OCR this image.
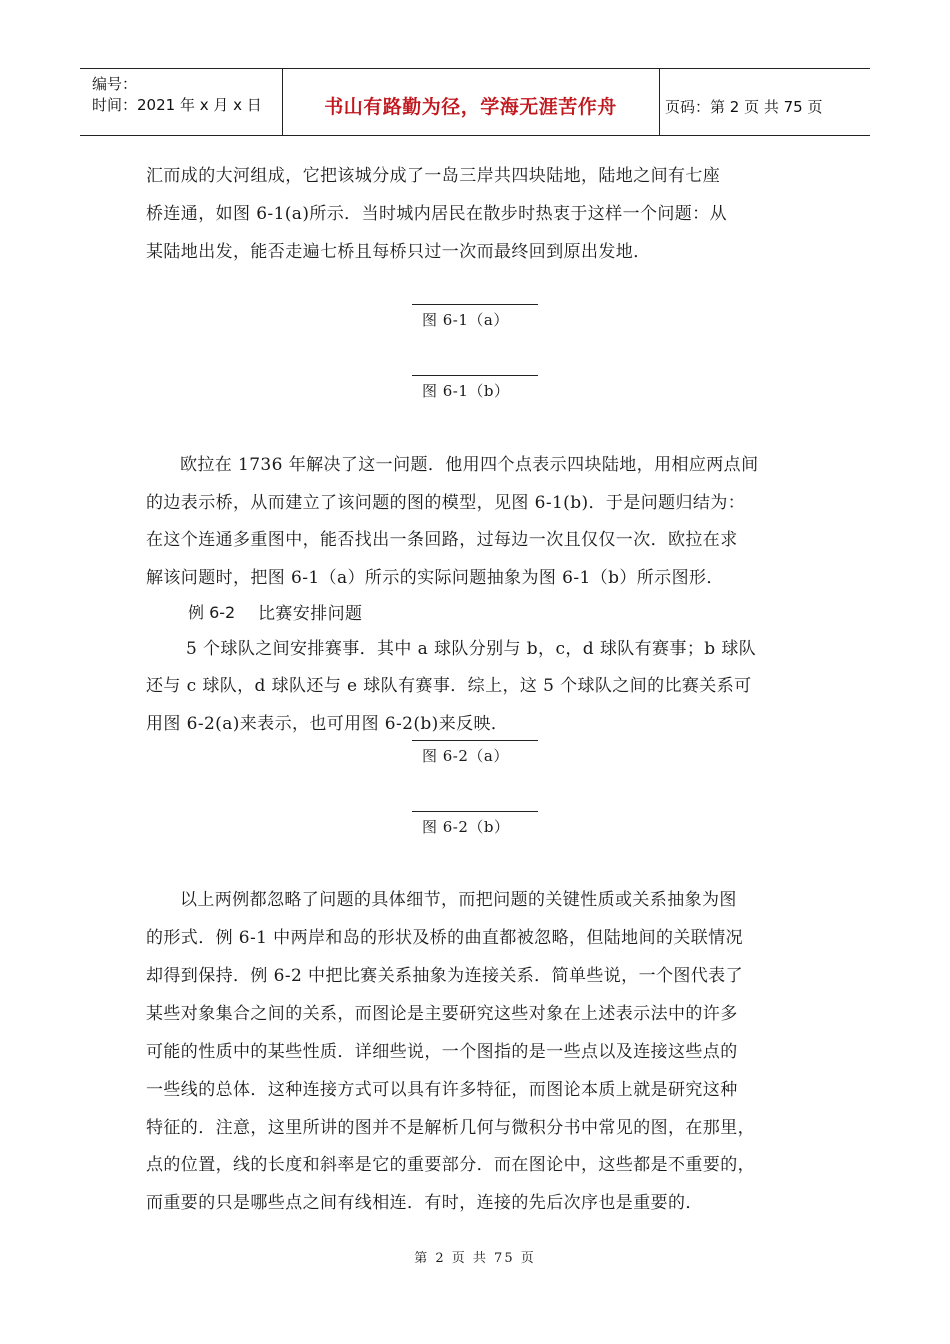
编号：
时间：2021 年 x 月 x 日	书山有路勤为径，学海无涯苦作舟	页码：第 2 页 共 75 页
汇而成的大河组成，它把该城分成了一岛三岸共四块陆地，陆地之间有七座
桥连通，如图 6-1(a)所示．当时城内居民在散步时热衷于这样一个问题：从
某陆地出发，能否走遍七桥且每桥只过一次而最终回到原出发地．
图 6-1（a）
图 6-1（b）
欧拉在 1736 年解决了这一问题．他用四个点表示四块陆地，用相应两点间
的边表示桥，从而建立了该问题的图的模型，见图 6-1(b)．于是问题归结为：
在这个连通多重图中，能否找出一条回路，过每边一次且仅仅一次．欧拉在求
解该问题时，把图 6-1（a）所示的实际问题抽象为图 6-1（b）所示图形．
例 6-2 比赛安排问题
5 个球队之间安排赛事．其中 a 球队分别与 b，c，d 球队有赛事；b 球队
还与 c 球队，d 球队还与 e 球队有赛事．综上，这 5 个球队之间的比赛关系可
用图 6-2(a)来表示，也可用图 6-2(b)来反映．
图 6-2（a）
图 6-2（b）
以上两例都忽略了问题的具体细节，而把问题的关键性质或关系抽象为图
的形式．例 6-1 中两岸和岛的形状及桥的曲直都被忽略，但陆地间的关联情况
却得到保持．例 6-2 中把比赛关系抽象为连接关系．简单些说，一个图代表了
某些对象集合之间的关系，而图论是主要研究这些对象在上述表示法中的许多
可能的性质中的某些性质．详细些说，一个图指的是一些点以及连接这些点的
一些线的总体．这种连接方式可以具有许多特征，而图论本质上就是研究这种
特征的．注意，这里所讲的图并不是解析几何与微积分书中常见的图，在那里，
点的位置，线的长度和斜率是它的重要部分．而在图论中，这些都是不重要的，
而重要的只是哪些点之间有线相连．有时，连接的先后次序也是重要的．
第 2 页 共 75 页
